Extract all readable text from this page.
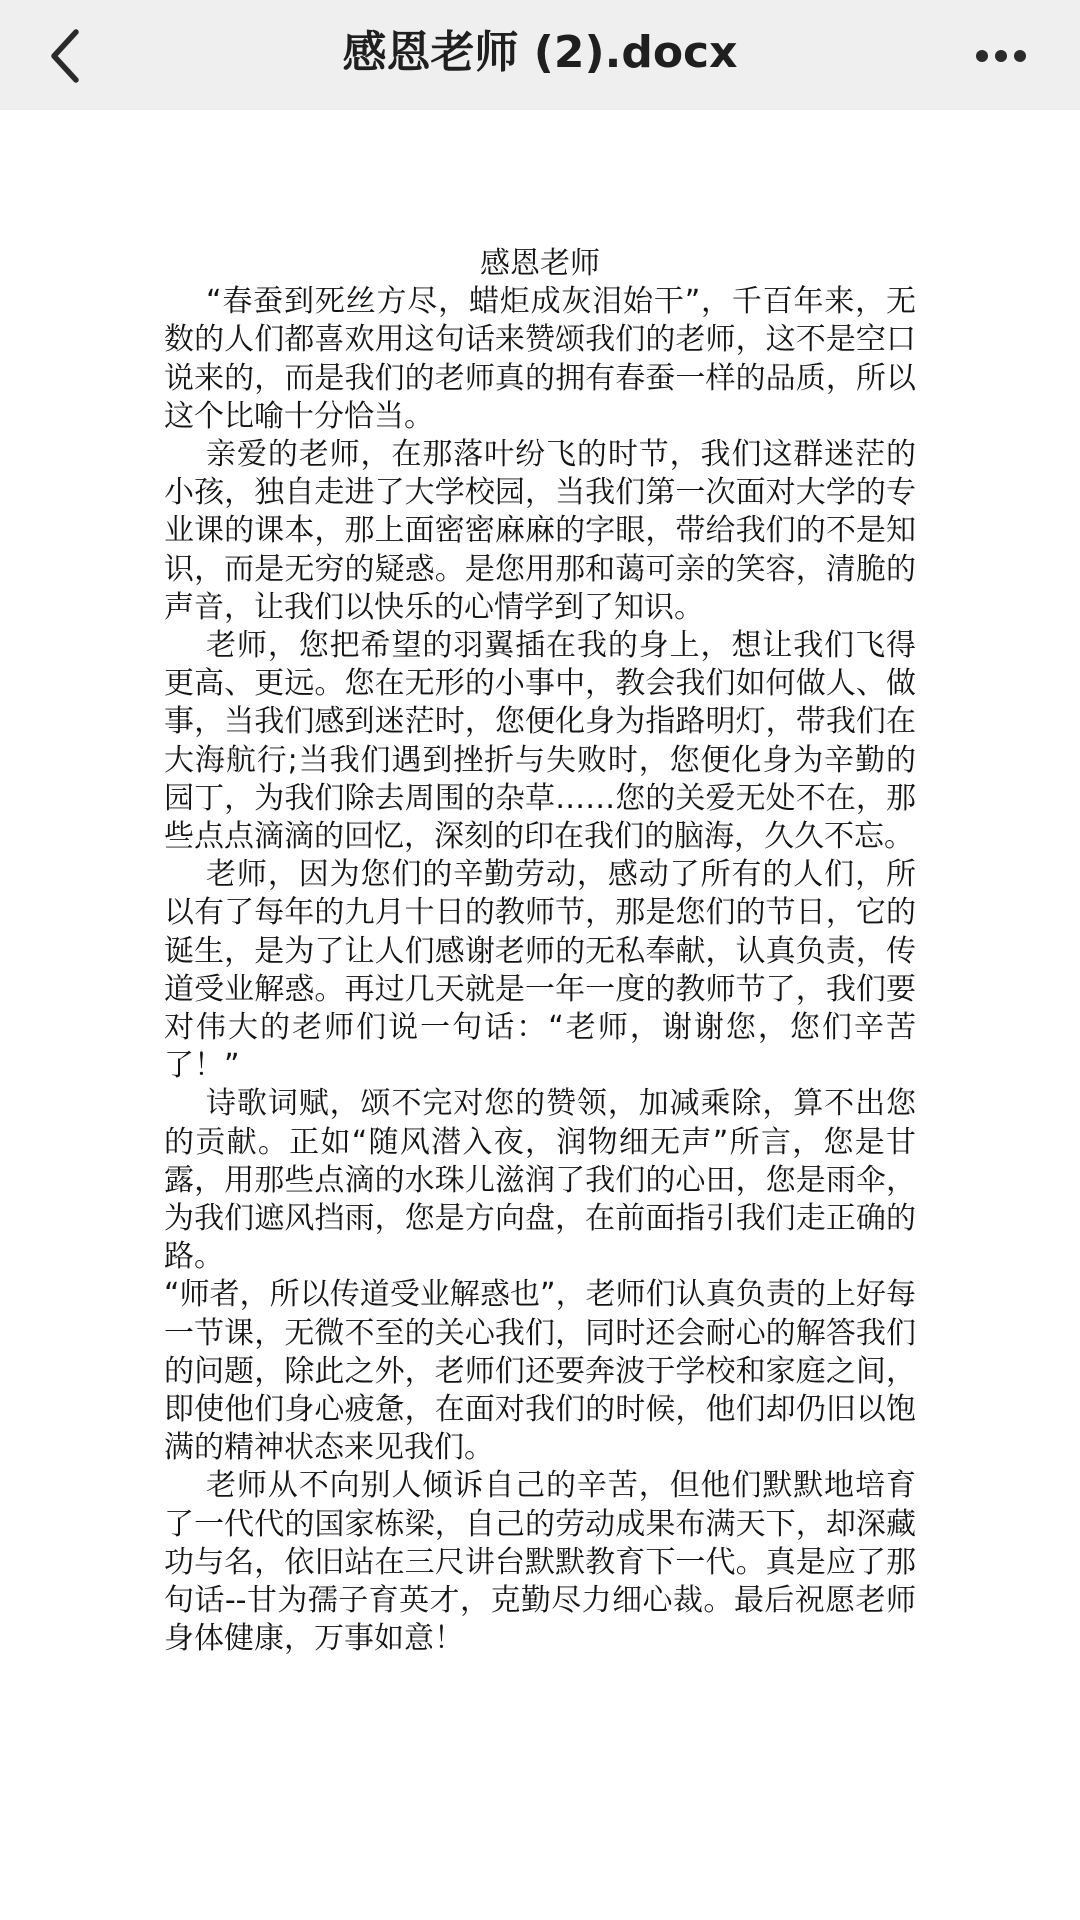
感恩老师 (2).docx
感恩老师

“春蚕到死丝方尽，蜡炬成灰泪始干”，千百年来，无数的人们都喜欢用这句话来赞颂我们的老师，这不是空口说来的，而是我们的老师真的拥有春蚕一样的品质，所以这个比喻十分恰当。

亲爱的老师，在那落叶纷飞的时节，我们这群迷茫的小孩，独自走进了大学校园，当我们第一次面对大学的专业课的课本，那上面密密麻麻的字眼，带给我们的不是知识，而是无穷的疑惑。是您用那和蔼可亲的笑容，清脆的声音，让我们以快乐的心情学到了知识。

老师，您把希望的羽翼插在我的身上，想让我们飞得更高、更远。您在无形的小事中，教会我们如何做人、做事，当我们感到迷茫时，您便化身为指路明灯，带我们在大海航行;当我们遇到挫折与失败时，您便化身为辛勤的园丁，为我们除去周围的杂草……您的关爱无处不在，那些点点滴滴的回忆，深刻的印在我们的脑海，久久不忘。

老师，因为您们的辛勤劳动，感动了所有的人们，所以有了每年的九月十日的教师节，那是您们的节日，它的诞生，是为了让人们感谢老师的无私奉献，认真负责，传道受业解惑。再过几天就是一年一度的教师节了，我们要对伟大的老师们说一句话：“老师，谢谢您，您们辛苦了！”

诗歌词赋，颂不完对您的赞领，加减乘除，算不出您的贡献。正如“随风潜入夜，润物细无声”所言，您是甘露，用那些点滴的水珠儿滋润了我们的心田，您是雨伞，为我们遮风挡雨，您是方向盘，在前面指引我们走正确的路。

“师者，所以传道受业解惑也”，老师们认真负责的上好每一节课，无微不至的关心我们，同时还会耐心的解答我们的问题，除此之外，老师们还要奔波于学校和家庭之间，即使他们身心疲惫，在面对我们的时候，他们却仍旧以饱满的精神状态来见我们。

老师从不向别人倾诉自己的辛苦，但他们默默地培育了一代代的国家栋梁，自己的劳动成果布满天下，却深藏功与名，依旧站在三尺讲台默默教育下一代。真是应了那句话--甘为孺子育英才，克勤尽力细心裁。最后祝愿老师身体健康，万事如意！
